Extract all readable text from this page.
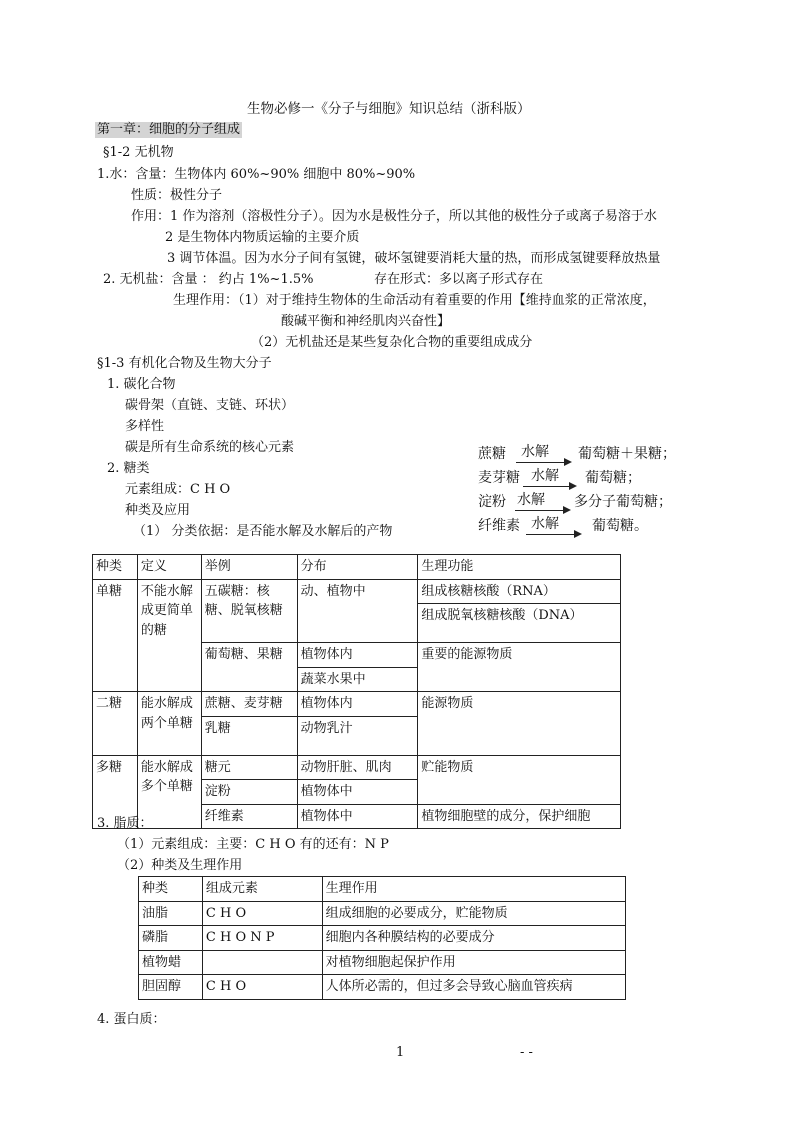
生物必修一《分子与细胞》知识总结（浙科版）
第一章：细胞的分子组成
§1-2 无机物
1.水：含量：生物体内 60%~90% 细胞中 80%~90%
性质：极性分子
作用：1 作为溶剂（溶极性分子）。因为水是极性分子，所以其他的极性分子或离子易溶于水
2 是生物体内物质运输的主要介质
3 调节体温。因为水分子间有氢键，破坏氢键要消耗大量的热，而形成氢键要释放热量
2. 无机盐：含量 ： 约占 1%~1.5%	存在形式：多以离子形式存在
生理作用：（1）对于维持生物体的生命活动有着重要的作用【维持血浆的正常浓度，
酸碱平衡和神经肌肉兴奋性】
（2）无机盐还是某些复杂化合物的重要组成成分
§1-3 有机化合物及生物大分子
1. 碳化合物
碳骨架（直链、支链、环状）
多样性
碳是所有生命系统的核心元素
2. 糖类
元素组成：C H O
种类及应用
（1） 分类依据：是否能水解及水解后的产物
蔗糖 水解 葡萄糖＋果糖；
麦芽糖 水解 葡萄糖；
淀粉 水解 多分子葡萄糖；
纤维素 水解 葡萄糖。
种类	定义	举例	分布	生理功能
单糖	不能水解成更简单的糖	五碳糖：核糖、脱氧核糖	动、植物中	组成核糖核酸（RNA）
				组成脱氧核糖核酸（DNA）
		葡萄糖、果糖	植物体内	重要的能源物质
			蔬菜水果中	
二糖	能水解成两个单糖	蔗糖、麦芽糖	植物体内	能源物质
		乳糖	动物乳汁	
多糖	能水解成多个单糖	糖元	动物肝脏、肌肉	贮能物质
		淀粉	植物体中	
		纤维素	植物体中	植物细胞壁的成分，保护细胞
3. 脂质：
（1）元素组成：主要：C H O 有的还有：N P
（2）种类及生理作用
种类	组成元素	生理作用
油脂	C H O	组成细胞的必要成分，贮能物质
磷脂	C H O N P	细胞内各种膜结构的必要成分
植物蜡		对植物细胞起保护作用
胆固醇	C H O	人体所必需的，但过多会导致心脑血管疾病
4. 蛋白质：
1	- -
